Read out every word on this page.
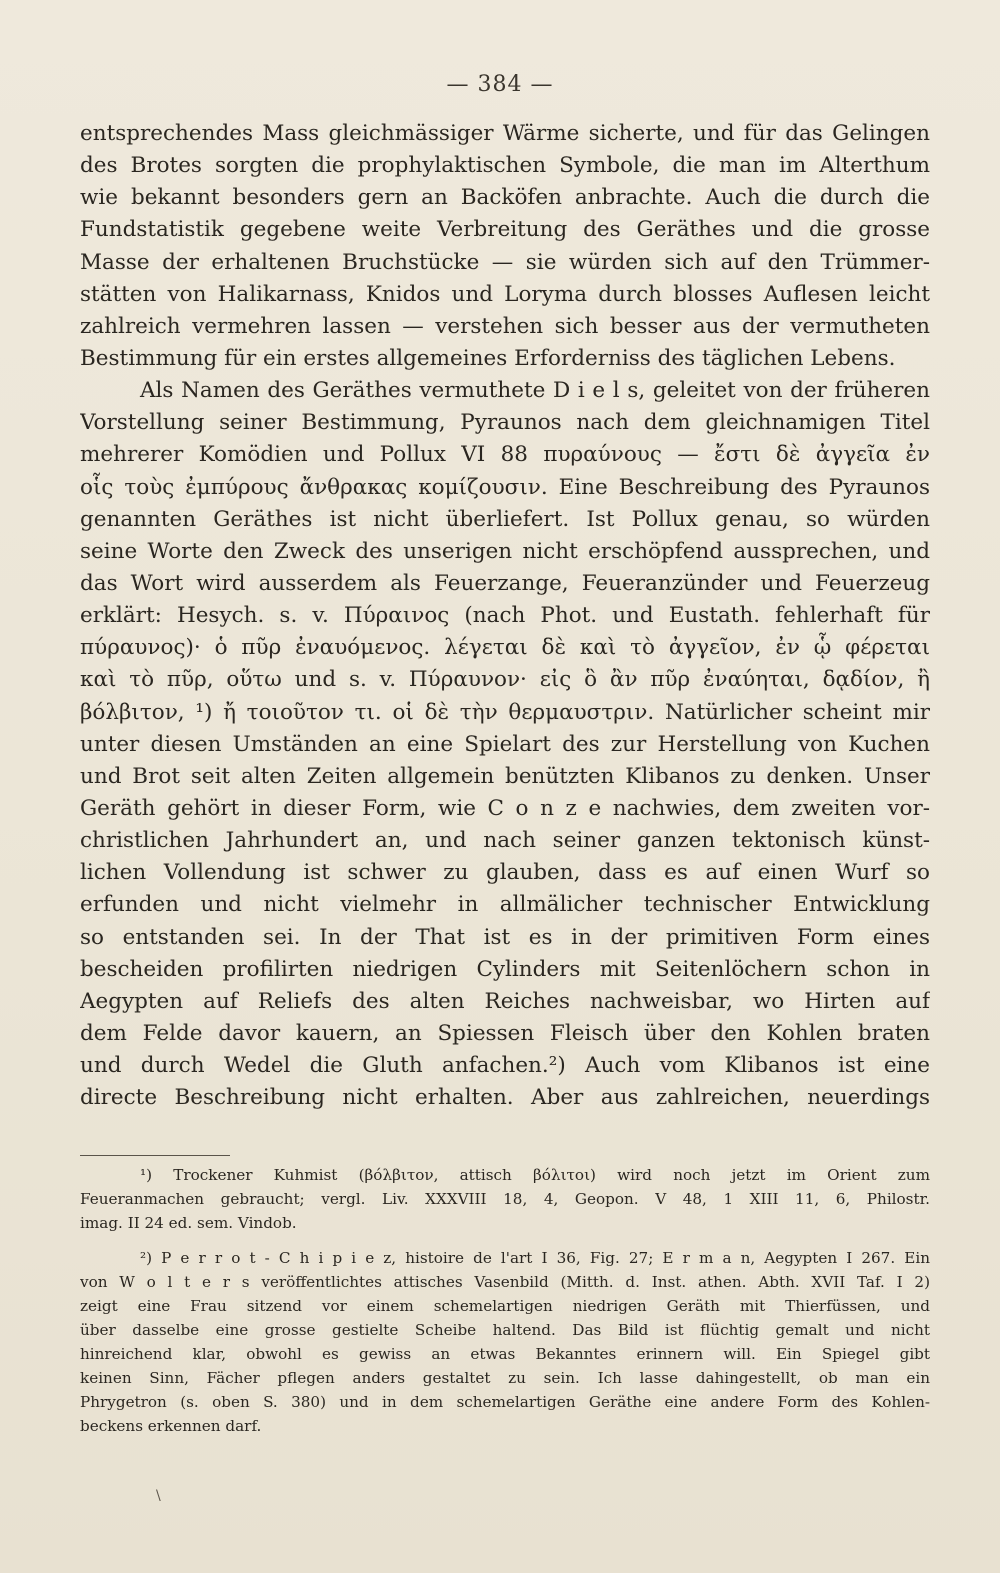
— 384 —
entsprechendes Mass gleichmässiger Wärme sicherte, und für das Gelingen
des Brotes sorgten die prophylaktischen Symbole, die man im Alterthum
wie bekannt besonders gern an Backöfen anbrachte. Auch die durch die
Fundstatistik gegebene weite Verbreitung des Geräthes und die grosse
Masse der erhaltenen Bruchstücke — sie würden sich auf den Trümmer-
stätten von Halikarnass, Knidos und Loryma durch blosses Auflesen leicht
zahlreich vermehren lassen — verstehen sich besser aus der vermutheten
Bestimmung für ein erstes allgemeines Erforderniss des täglichen Lebens.
Als Namen des Geräthes vermuthete D i e l s, geleitet von der früheren
Vorstellung seiner Bestimmung, Pyraunos nach dem gleichnamigen Titel
mehrerer Komödien und Pollux VI 88 πυραύνους — ἔστι δὲ ἀγγεῖα ἐν
οἷς τοὺς ἐμπύρους ἄνθρακας κομίζουσιν. Eine Beschreibung des Pyraunos
genannten Geräthes ist nicht überliefert. Ist Pollux genau, so würden
seine Worte den Zweck des unserigen nicht erschöpfend aussprechen, und
das Wort wird ausserdem als Feuerzange, Feueranzünder und Feuerzeug
erklärt: Hesych. s. v. Πύραινος (nach Phot. und Eustath. fehlerhaft für
πύραυνος)· ὁ πῦρ ἐναυόμενος. λέγεται δὲ καὶ τὸ ἀγγεῖον, ἐν ᾧ φέρεται
καὶ τὸ πῦρ, οὕτω und s. v. Πύραυνον· εἰς ὃ ἂν πῦρ ἐναύηται, δᾳδίον, ἢ
βόλβιτον, ¹) ἤ τοιοῦτον τι. οἱ δὲ τὴν θερμαυστριν. Natürlicher scheint mir
unter diesen Umständen an eine Spielart des zur Herstellung von Kuchen
und Brot seit alten Zeiten allgemein benützten Klibanos zu denken. Unser
Geräth gehört in dieser Form, wie C o n z e nachwies, dem zweiten vor-
christlichen Jahrhundert an, und nach seiner ganzen tektonisch künst-
lichen Vollendung ist schwer zu glauben, dass es auf einen Wurf so
erfunden und nicht vielmehr in allmälicher technischer Entwicklung
so entstanden sei. In der That ist es in der primitiven Form eines
bescheiden profilirten niedrigen Cylinders mit Seitenlöchern schon in
Aegypten auf Reliefs des alten Reiches nachweisbar, wo Hirten auf
dem Felde davor kauern, an Spiessen Fleisch über den Kohlen braten
und durch Wedel die Gluth anfachen.²) Auch vom Klibanos ist eine
directe Beschreibung nicht erhalten. Aber aus zahlreichen, neuerdings
¹) Trockener Kuhmist (βόλβιτον, attisch βόλιτοι) wird noch jetzt im Orient zum
Feueranmachen gebraucht; vergl. Liv. XXXVIII 18, 4, Geopon. V 48, 1 XIII 11, 6, Philostr.
imag. II 24 ed. sem. Vindob.
²) P e r r o t - C h i p i e z, histoire de l'art I 36, Fig. 27; E r m a n, Aegypten I 267. Ein
von W o l t e r s veröffentlichtes attisches Vasenbild (Mitth. d. Inst. athen. Abth. XVII Taf. I 2)
zeigt eine Frau sitzend vor einem schemelartigen niedrigen Geräth mit Thierfüssen, und
über dasselbe eine grosse gestielte Scheibe haltend. Das Bild ist flüchtig gemalt und nicht
hinreichend klar, obwohl es gewiss an etwas Bekanntes erinnern will. Ein Spiegel gibt
keinen Sinn, Fächer pflegen anders gestaltet zu sein. Ich lasse dahingestellt, ob man ein
Phrygetron (s. oben S. 380) und in dem schemelartigen Geräthe eine andere Form des Kohlen-
beckens erkennen darf.
\
